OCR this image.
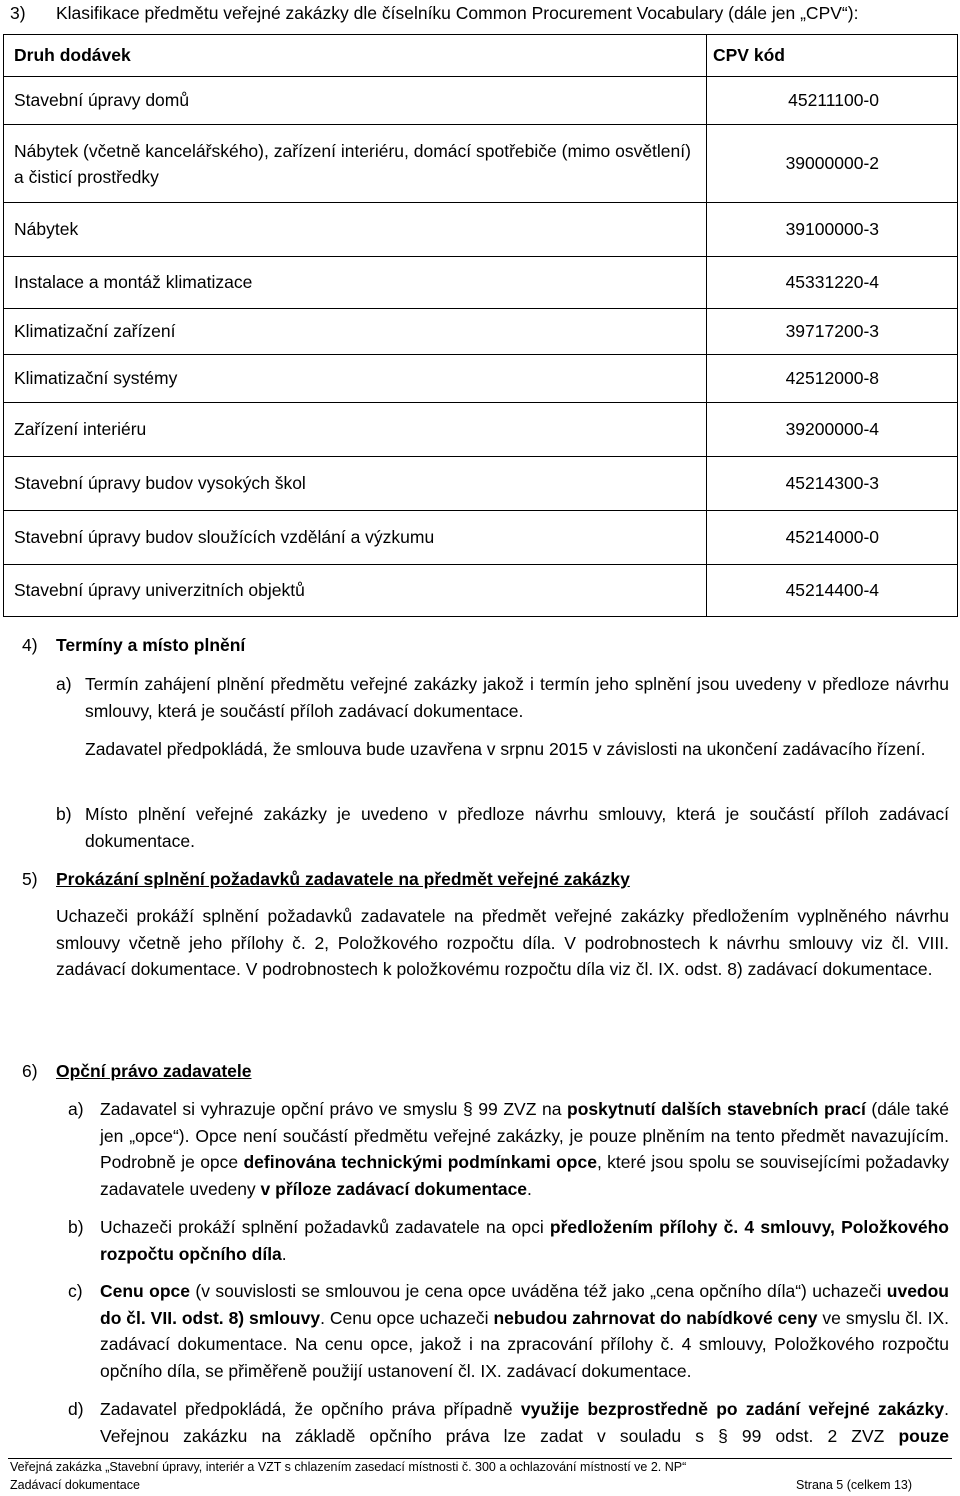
3) Klasifikace předmětu veřejné zakázky dle číselníku Common Procurement Vocabulary (dále jen „CPV“):
Druh dodávek	CPV kód
Stavební úpravy domů	45211100-0
Nábytek (včetně kancelářského), zařízení interiéru, domácí spotřebiče (mimo osvětlení) a čisticí prostředky	39000000-2
Nábytek	39100000-3
Instalace a montáž klimatizace	45331220-4
Klimatizační zařízení	39717200-3
Klimatizační systémy	42512000-8
Zařízení interiéru	39200000-4
Stavební úpravy budov vysokých škol	45214300-3
Stavební úpravy budov sloužících vzdělání a výzkumu	45214000-0
Stavební úpravy univerzitních objektů	45214400-4
4) Termíny a místo plnění
a) Termín zahájení plnění předmětu veřejné zakázky jakož i termín jeho splnění jsou uvedeny v předloze návrhu smlouvy, která je součástí příloh zadávací dokumentace.
Zadavatel předpokládá, že smlouva bude uzavřena v srpnu 2015 v závislosti na ukončení zadávacího řízení.
b) Místo plnění veřejné zakázky je uvedeno v předloze návrhu smlouvy, která je součástí příloh zadávací dokumentace.
5) Prokázání splnění požadavků zadavatele na předmět veřejné zakázky
Uchazeči prokáží splnění požadavků zadavatele na předmět veřejné zakázky předložením vyplněného návrhu smlouvy včetně jeho přílohy č. 2, Položkového rozpočtu díla. V podrobnostech k návrhu smlouvy viz čl. VIII. zadávací dokumentace. V podrobnostech k položkovému rozpočtu díla viz čl. IX. odst. 8) zadávací dokumentace.
6) Opční právo zadavatele
a) Zadavatel si vyhrazuje opční právo ve smyslu § 99 ZVZ na poskytnutí dalších stavebních prací (dále také jen „opce“). Opce není součástí předmětu veřejné zakázky, je pouze plněním na tento předmět navazujícím. Podrobně je opce definována technickými podmínkami opce, které jsou spolu se souvisejícími požadavky zadavatele uvedeny v příloze zadávací dokumentace.
b) Uchazeči prokáží splnění požadavků zadavatele na opci předložením přílohy č. 4 smlouvy, Položkového rozpočtu opčního díla.
c) Cenu opce (v souvislosti se smlouvou je cena opce uváděna též jako „cena opčního díla“) uchazeči uvedou do čl. VII. odst. 8) smlouvy. Cenu opce uchazeči nebudou zahrnovat do nabídkové ceny ve smyslu čl. IX. zadávací dokumentace. Na cenu opce, jakož i na zpracování přílohy č. 4 smlouvy, Položkového rozpočtu opčního díla, se přiměřeně použijí ustanovení čl. IX. zadávací dokumentace.
d) Zadavatel předpokládá, že opčního práva případně využije bezprostředně po zadání veřejné zakázky. Veřejnou zakázku na základě opčního práva lze zadat v souladu s § 99 odst. 2 ZVZ pouze
Veřejná zakázka „Stavební úpravy, interiér a VZT s chlazením zasedací místnosti č. 300 a ochlazování místností ve 2. NP“
Zadávací dokumentace	Strana 5 (celkem 13)
